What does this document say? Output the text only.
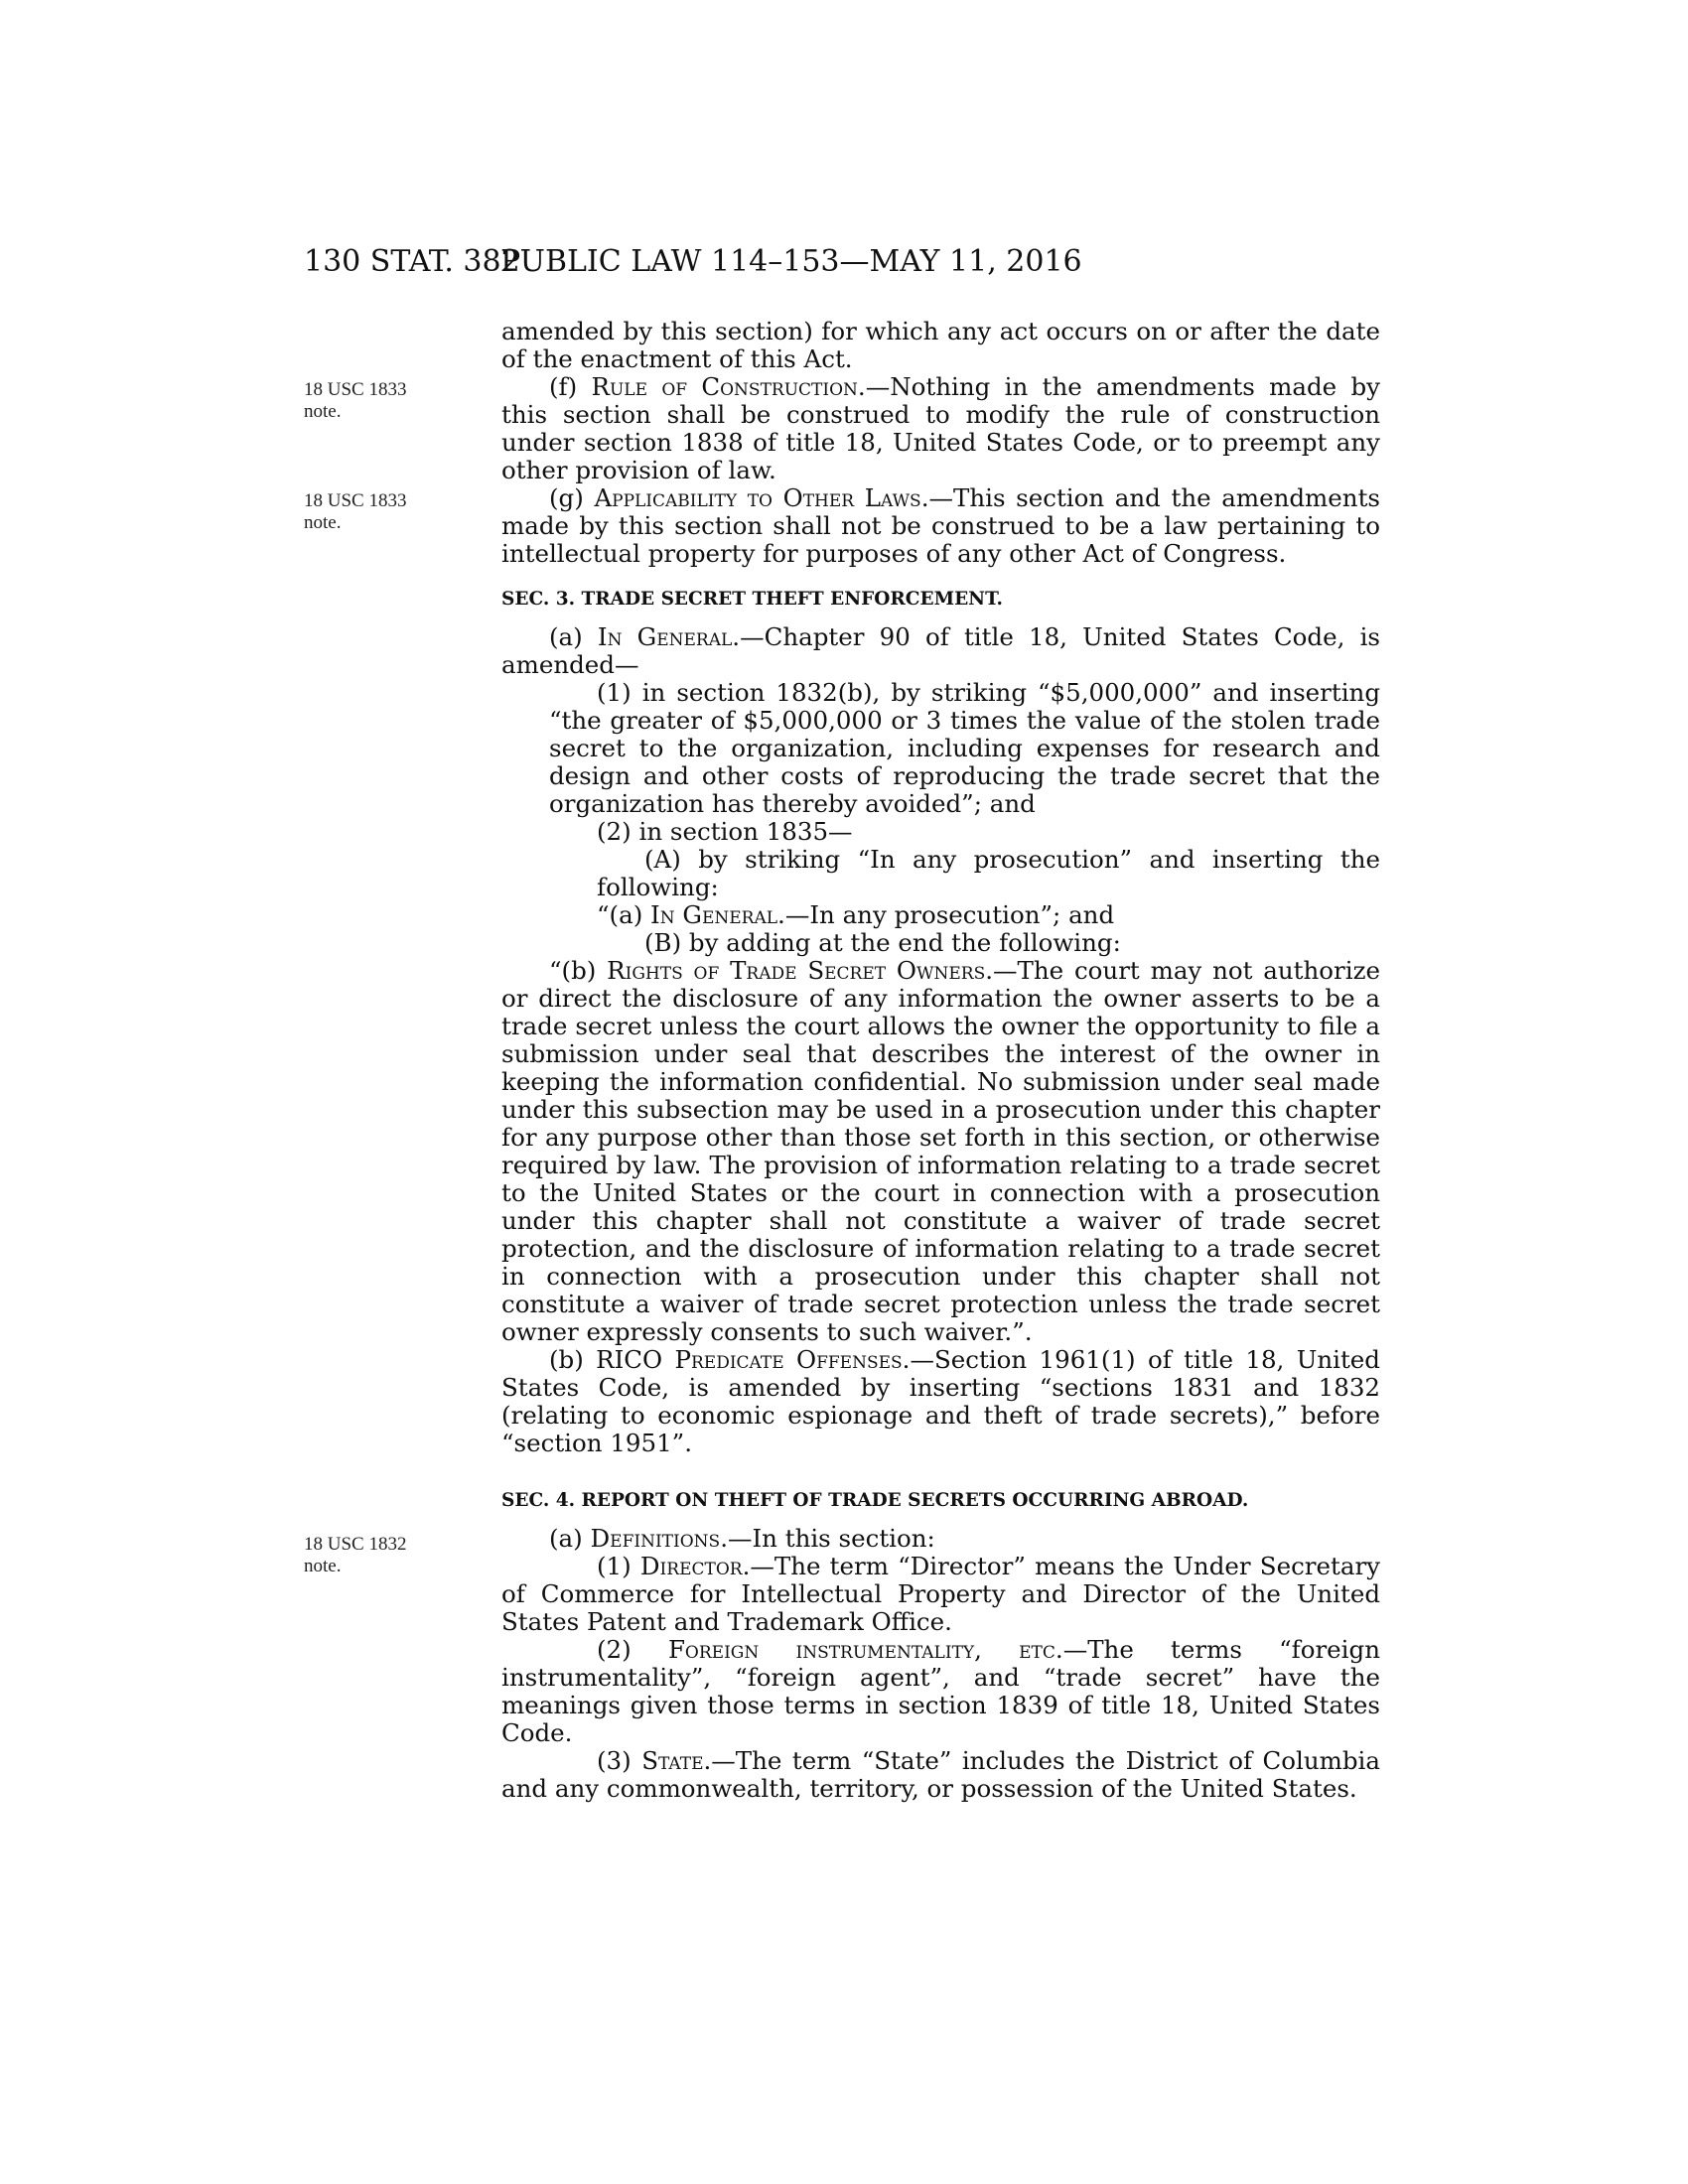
130 STAT. 382
PUBLIC LAW 114–153—MAY 11, 2016
18 USC 1833
note.
18 USC 1833
note.
18 USC 1832
note.

amended by this section) for which any act occurs on or after the date of the enactment of this Act.

(f) Rule of Construction.—Nothing in the amendments made by this section shall be construed to modify the rule of construction under section 1838 of title 18, United States Code, or to preempt any other provision of law.

(g) Applicability to Other Laws.—This section and the amendments made by this section shall not be construed to be a law pertaining to intellectual property for purposes of any other Act of Congress.

SEC. 3. TRADE SECRET THEFT ENFORCEMENT.

(a) In General.—Chapter 90 of title 18, United States Code, is amended—

(1) in section 1832(b), by striking “$5,000,000” and inserting “the greater of $5,000,000 or 3 times the value of the stolen trade secret to the organization, including expenses for research and design and other costs of reproducing the trade secret that the organization has thereby avoided”; and

(2) in section 1835—

(A) by striking “In any prosecution” and inserting the following:

“(a) In General.—In any prosecution”; and

(B) by adding at the end the following:

“(b) Rights of Trade Secret Owners.—The court may not authorize or direct the disclosure of any information the owner asserts to be a trade secret unless the court allows the owner the opportunity to file a submission under seal that describes the interest of the owner in keeping the information confidential. No submission under seal made under this subsection may be used in a prosecution under this chapter for any purpose other than those set forth in this section, or otherwise required by law. The provision of information relating to a trade secret to the United States or the court in connection with a prosecution under this chapter shall not constitute a waiver of trade secret protection, and the disclosure of information relating to a trade secret in connection with a prosecution under this chapter shall not constitute a waiver of trade secret protection unless the trade secret owner expressly consents to such waiver.”.

(b) RICO Predicate Offenses.—Section 1961(1) of title 18, United States Code, is amended by inserting “sections 1831 and 1832 (relating to economic espionage and theft of trade secrets),” before “section 1951”.

SEC. 4. REPORT ON THEFT OF TRADE SECRETS OCCURRING ABROAD.

(a) Definitions.—In this section:

(1) Director.—The term “Director” means the Under Secretary of Commerce for Intellectual Property and Director of the United States Patent and Trademark Office.

(2) Foreign instrumentality, etc.—The terms “foreign instrumentality”, “foreign agent”, and “trade secret” have the meanings given those terms in section 1839 of title 18, United States Code.

(3) State.—The term “State” includes the District of Columbia and any commonwealth, territory, or possession of the United States.
